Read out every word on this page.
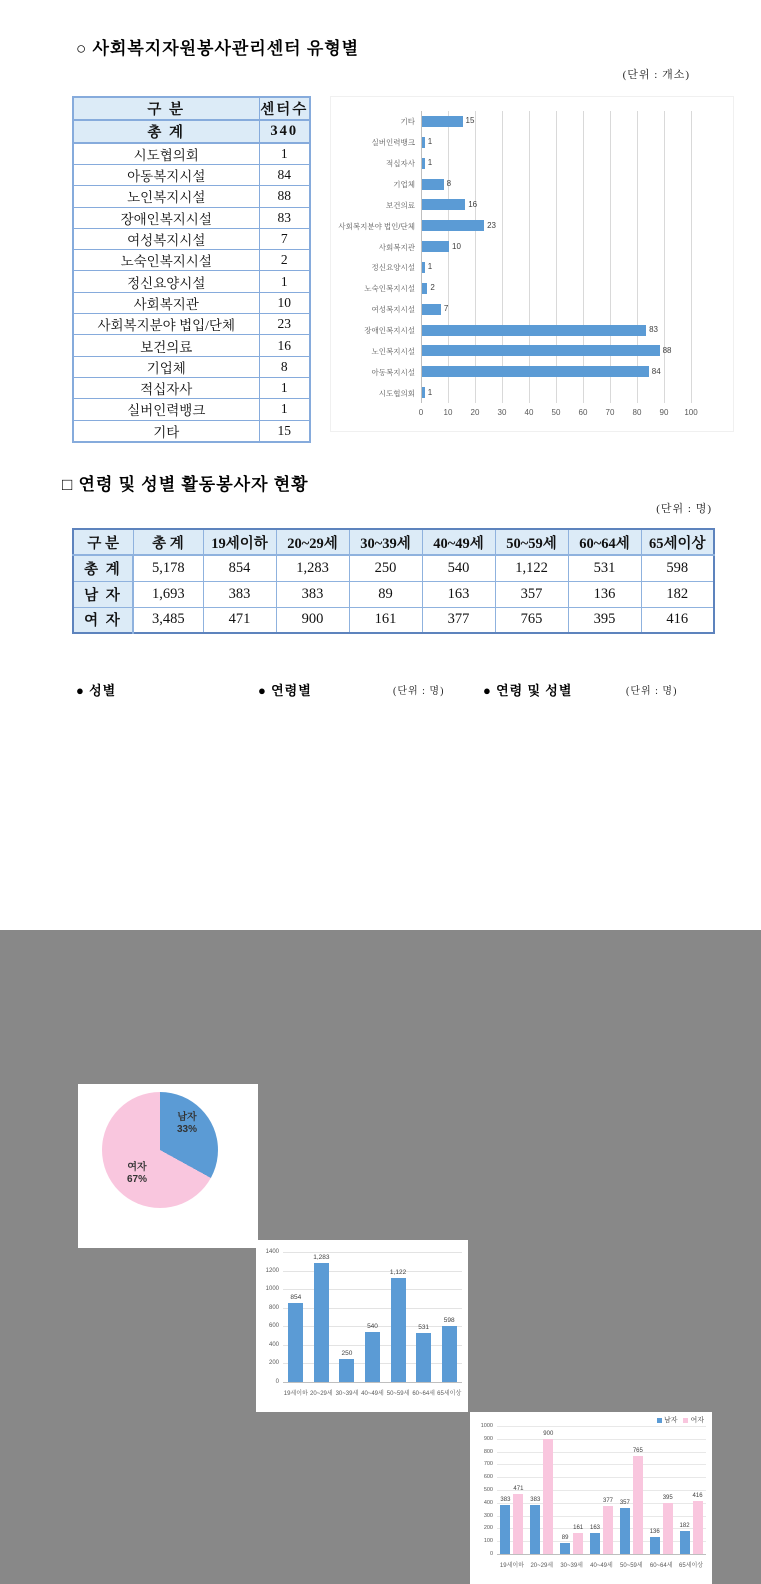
○ 사회복지자원봉사관리센터 유형별
(단위 : 개소)
구 분	센터수
총 계	340
시도협의회	1
아동복지시설	84
노인복지시설	88
장애인복지시설	83
여성복지시설	7
노숙인복지시설	2
정신요양시설	1
사회복지관	10
사회복지분야 법입/단체	23
보건의료	16
기업체	8
적십자사	1
실버인력뱅크	1
기타	15
0	10	20	30	40	50	60	70	80	90	100
기타	15
실버인력뱅크 1
적십자사 1
기업체	8
보건의료	16
사회복지분야 법인/단체	23
사회복지관	10
정신요양시설 1
노숙인복지시설 2
여성복지시설	7
장애인복지시설	83
노인복지시설	88
아동복지시설	84
시도협의회 1
□ 연령 및 성별 활동봉사자 현황
(단위 : 명)
구 분	총 계	19세이하	20~29세	30~39세	40~49세	50~59세	60~64세	65세이상
총 계	5,178	854	1,283	250	540	1,122	531	598
남 자	1,693	383	383	89	163	357	136	182
여 자	3,485	471	900	161	377	765	395	416
● 성별	● 연령별	(단위 : 명)	● 연령 및 성별	(단위 : 명)
남자
33%
여자
67%
0
200
400
600
800
1000
1200
1400
854
19세이하
1,283
20~29세
250
30~39세
540
40~49세
1,122
50~59세
531
60~64세
598
65세이상
0
100
200
300
400
500
600
700
800
900
1000
383
471
19세이하
383
900
20~29세
89
161
30~39세
163
377
40~49세
357
765
50~59세
136
395
60~64세
182
416
65세이상
남자 여자
